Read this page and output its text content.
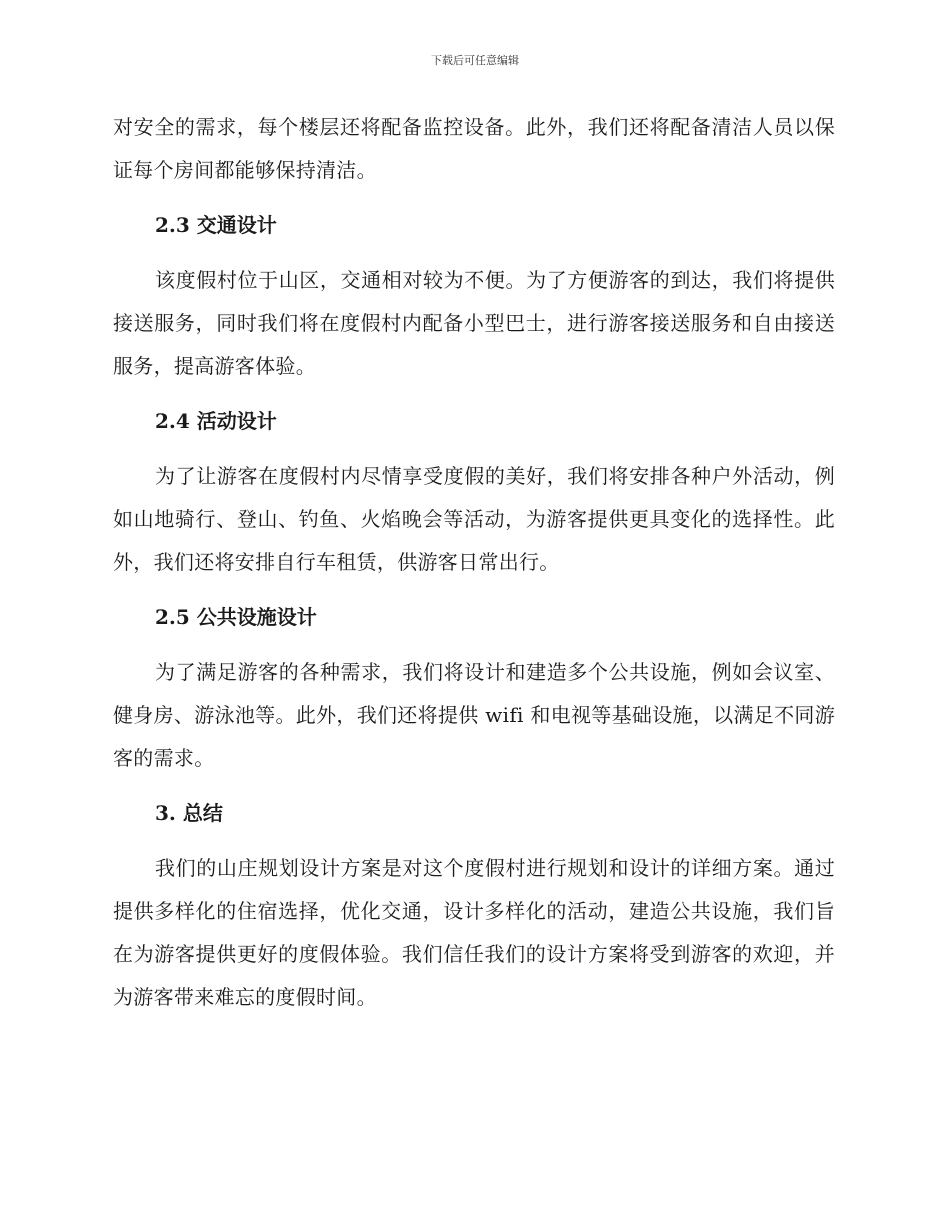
下载后可任意编辑

对安全的需求，每个楼层还将配备监控设备。此外，我们还将配备清洁人员以保证每个房间都能够保持清洁。

2.3 交通设计

该度假村位于山区，交通相对较为不便。为了方便游客的到达，我们将提供接送服务，同时我们将在度假村内配备小型巴士，进行游客接送服务和自由接送服务，提高游客体验。

2.4 活动设计

为了让游客在度假村内尽情享受度假的美好，我们将安排各种户外活动，例如山地骑行、登山、钓鱼、火焰晚会等活动，为游客提供更具变化的选择性。此外，我们还将安排自行车租赁，供游客日常出行。

2.5 公共设施设计

为了满足游客的各种需求，我们将设计和建造多个公共设施，例如会议室、健身房、游泳池等。此外，我们还将提供 wifi 和电视等基础设施，以满足不同游客的需求。

3. 总结

我们的山庄规划设计方案是对这个度假村进行规划和设计的详细方案。通过提供多样化的住宿选择，优化交通，设计多样化的活动，建造公共设施，我们旨在为游客提供更好的度假体验。我们信任我们的设计方案将受到游客的欢迎，并为游客带来难忘的度假时间。
